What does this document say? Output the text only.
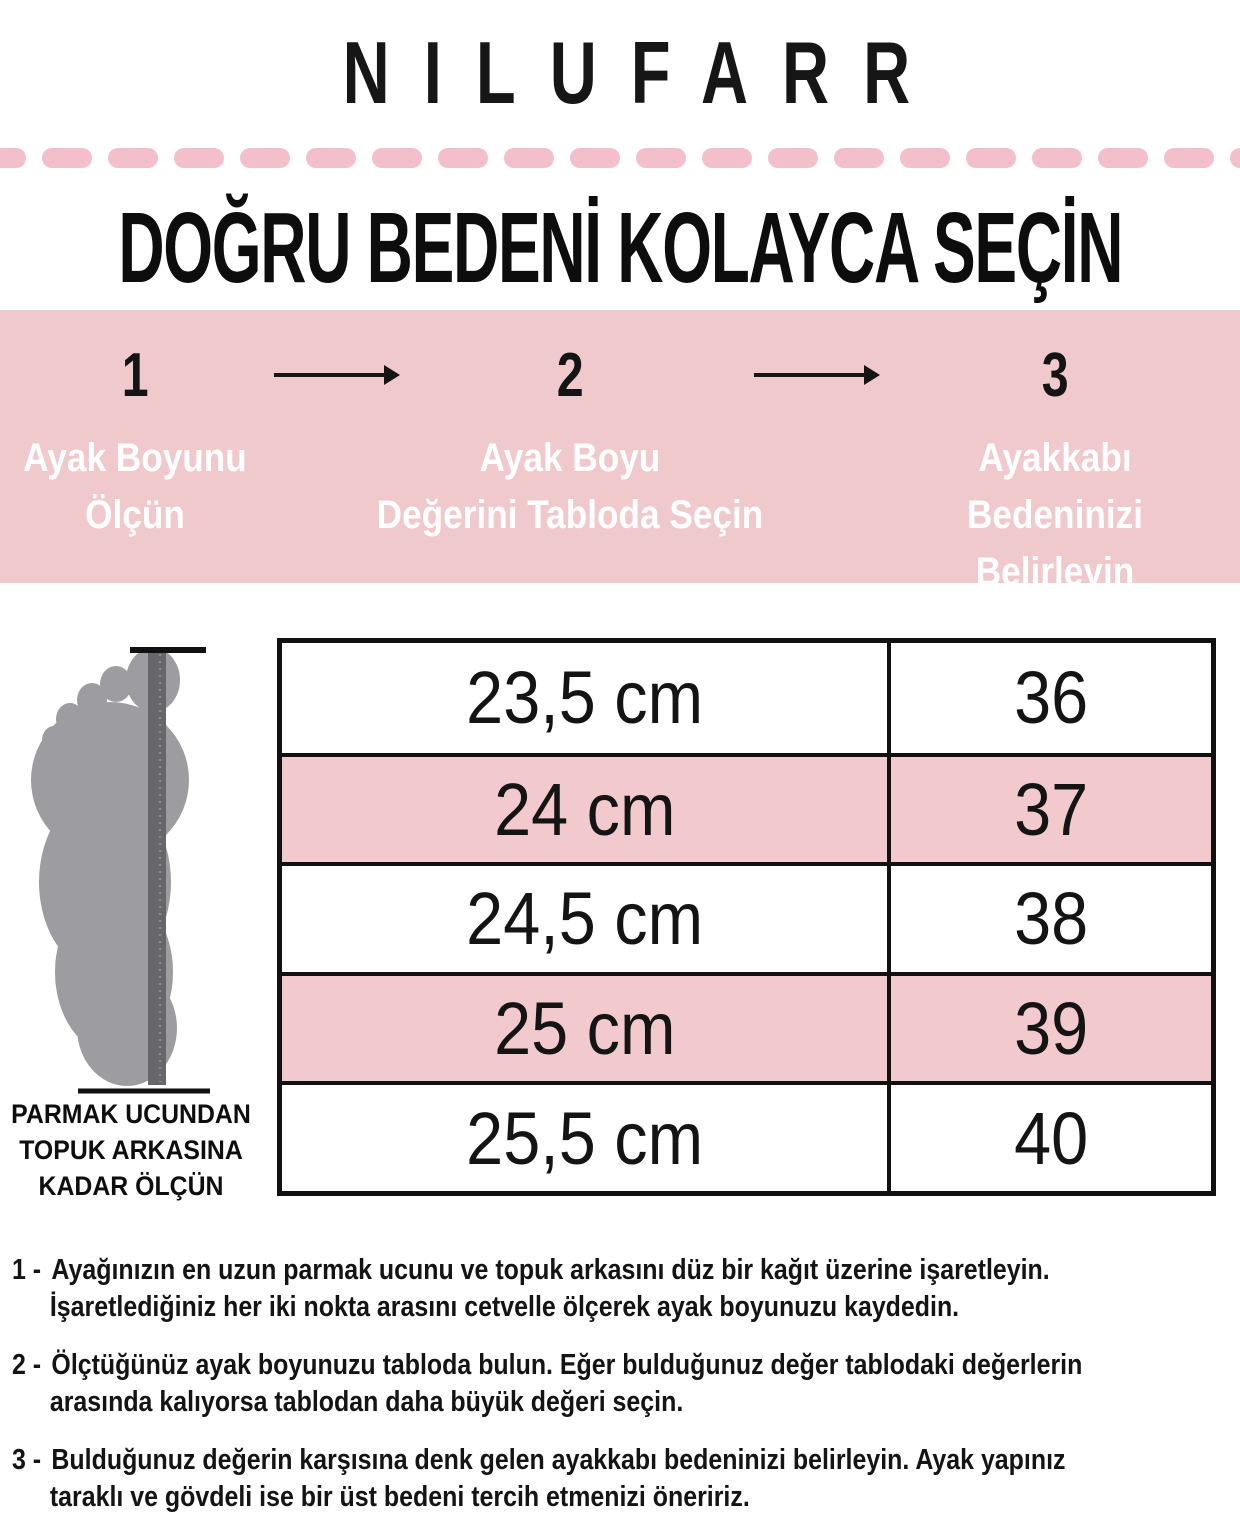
NILUFARR
DOĞRU BEDENİ KOLAYCA SEÇİN
1	2	3
Ayak Boyunu
Ölçün
Ayak Boyu
Değerini Tabloda Seçin
Ayakkabı Bedeninizi
Belirleyin
PARMAK UCUNDAN
TOPUK ARKASINA
KADAR ÖLÇÜN
23,5 cm	36
24 cm	37
24,5 cm	38
25 cm	39
25,5 cm	40
1 - Ayağınızın en uzun parmak ucunu ve topuk arkasını düz bir kağıt üzerine işaretleyin.
İşaretlediğiniz her iki nokta arasını cetvelle ölçerek ayak boyunuzu kaydedin.
2 - Ölçtüğünüz ayak boyunuzu tabloda bulun. Eğer bulduğunuz değer tablodaki değerlerin
arasında kalıyorsa tablodan daha büyük değeri seçin.
3 - Bulduğunuz değerin karşısına denk gelen ayakkabı bedeninizi belirleyin. Ayak yapınız
taraklı ve gövdeli ise bir üst bedeni tercih etmenizi öneririz.
